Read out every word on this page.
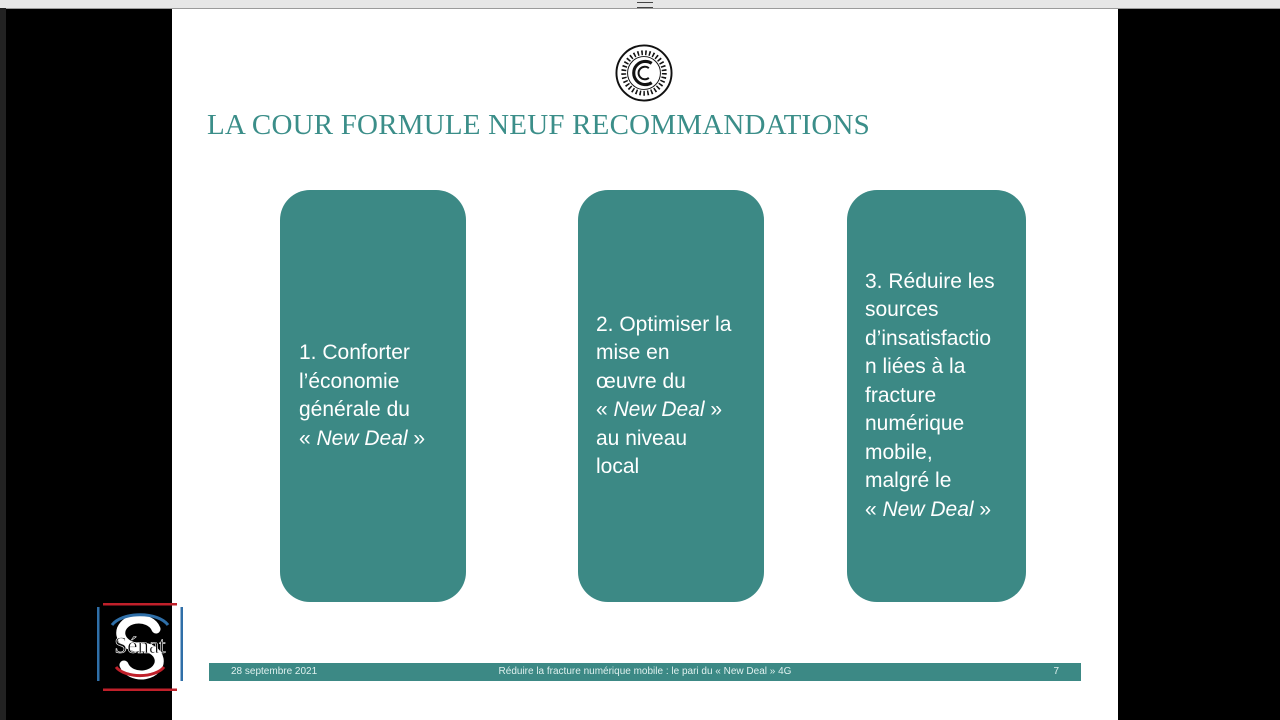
LA COUR FORMULE NEUF RECOMMANDATIONS
1. Conforter
l’économie
générale du
« New Deal »
2. Optimiser la
mise en
œuvre du
« New Deal »
au niveau
local
3. Réduire les
sources
d’insatisfactio
n liées à la
fracture
numérique
mobile,
malgré le
« New Deal »
Réduire la fracture numérique mobile : le pari du « New Deal » 4G
28 septembre 2021	7
Sénat
